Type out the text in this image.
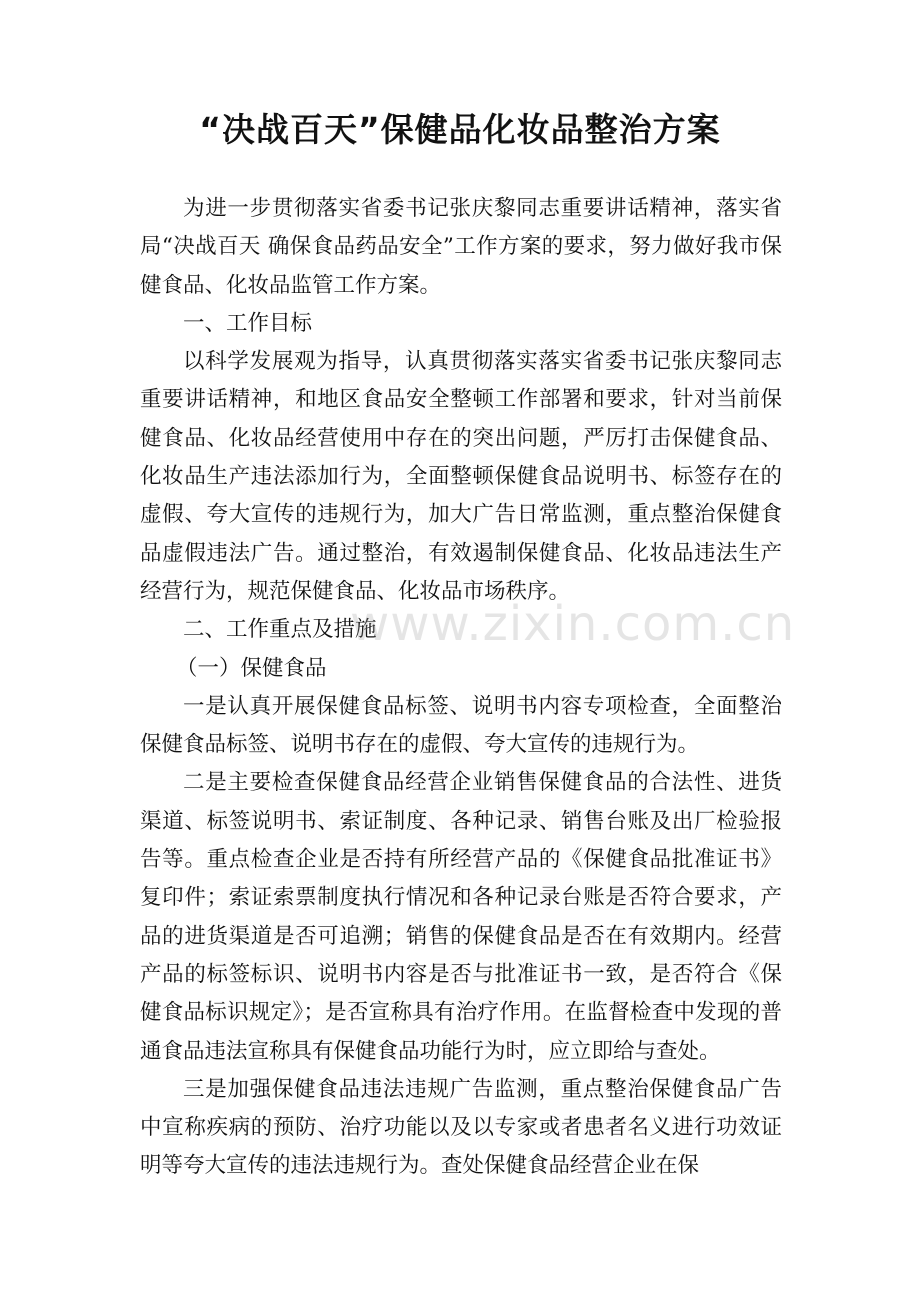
“决战百天”保健品化妆品整治方案

为进一步贯彻落实省委书记张庆黎同志重要讲话精神，落实省局“决战百天 确保食品药品安全”工作方案的要求，努力做好我市保健食品、化妆品监管工作方案。

一、工作目标

以科学发展观为指导，认真贯彻落实落实省委书记张庆黎同志重要讲话精神，和地区食品安全整顿工作部署和要求，针对当前保健食品、化妆品经营使用中存在的突出问题，严厉打击保健食品、化妆品生产违法添加行为，全面整顿保健食品说明书、标签存在的虚假、夸大宣传的违规行为，加大广告日常监测，重点整治保健食品虚假违法广告。通过整治，有效遏制保健食品、化妆品违法生产经营行为，规范保健食品、化妆品市场秩序。

二、工作重点及措施

（一）保健食品

一是认真开展保健食品标签、说明书内容专项检查，全面整治保健食品标签、说明书存在的虚假、夸大宣传的违规行为。

二是主要检查保健食品经营企业销售保健食品的合法性、进货渠道、标签说明书、索证制度、各种记录、销售台账及出厂检验报告等。重点检查企业是否持有所经营产品的《保健食品批准证书》复印件；索证索票制度执行情况和各种记录台账是否符合要求，产品的进货渠道是否可追溯；销售的保健食品是否在有效期内。经营产品的标签标识、说明书内容是否与批准证书一致，是否符合《保健食品标识规定》；是否宣称具有治疗作用。在监督检查中发现的普通食品违法宣称具有保健食品功能行为时，应立即给与查处。

三是加强保健食品违法违规广告监测，重点整治保健食品广告中宣称疾病的预防、治疗功能以及以专家或者患者名义进行功效证明等夸大宣传的违法违规行为。查处保健食品经营企业在保

www.zixin.com.cn
